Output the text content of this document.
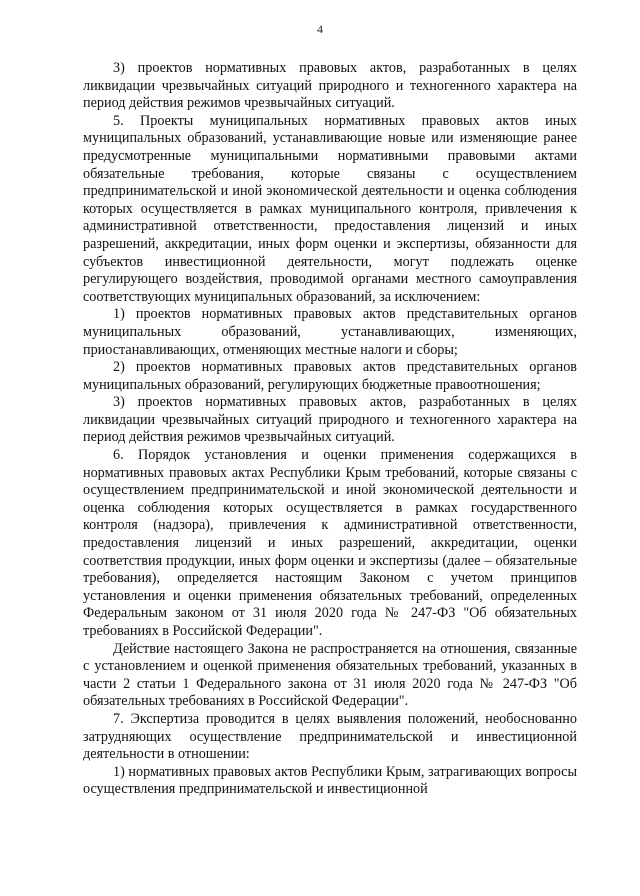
4

3) проектов нормативных правовых актов, разработанных в целях ликвидации чрезвычайных ситуаций природного и техногенного характера на период действия режимов чрезвычайных ситуаций.

5. Проекты муниципальных нормативных правовых актов иных муниципальных образований, устанавливающие новые или изменяющие ранее предусмотренные муниципальными нормативными правовыми актами обязательные требования, которые связаны с осуществлением предпринимательской и иной экономической деятельности и оценка соблюдения которых осуществляется в рамках муниципального контроля, привлечения к административной ответственности, предоставления лицензий и иных разрешений, аккредитации, иных форм оценки и экспертизы, обязанности для субъектов инвестиционной деятельности, могут подлежать оценке регулирующего воздействия, проводимой органами местного самоуправления соответствующих муниципальных образований, за исключением:

1) проектов нормативных правовых актов представительных органов муниципальных образований, устанавливающих, изменяющих, приостанавливающих, отменяющих местные налоги и сборы;

2) проектов нормативных правовых актов представительных органов муниципальных образований, регулирующих бюджетные правоотношения;

3) проектов нормативных правовых актов, разработанных в целях ликвидации чрезвычайных ситуаций природного и техногенного характера на период действия режимов чрезвычайных ситуаций.

6. Порядок установления и оценки применения содержащихся в нормативных правовых актах Республики Крым требований, которые связаны с осуществлением предпринимательской и иной экономической деятельности и оценка соблюдения которых осуществляется в рамках государственного контроля (надзора), привлечения к административной ответственности, предоставления лицензий и иных разрешений, аккредитации, оценки соответствия продукции, иных форм оценки и экспертизы (далее – обязательные требования), определяется настоящим Законом с учетом принципов установления и оценки применения обязательных требований, определенных Федеральным законом от 31 июля 2020 года № 247-ФЗ "Об обязательных требованиях в Российской Федерации".

Действие настоящего Закона не распространяется на отношения, связанные с установлением и оценкой применения обязательных требований, указанных в части 2 статьи 1 Федерального закона от 31 июля 2020 года № 247-ФЗ "Об обязательных требованиях в Российской Федерации".

7. Экспертиза проводится в целях выявления положений, необоснованно затрудняющих осуществление предпринимательской и инвестиционной деятельности в отношении:

1) нормативных правовых актов Республики Крым, затрагивающих вопросы осуществления предпринимательской и инвестиционной
